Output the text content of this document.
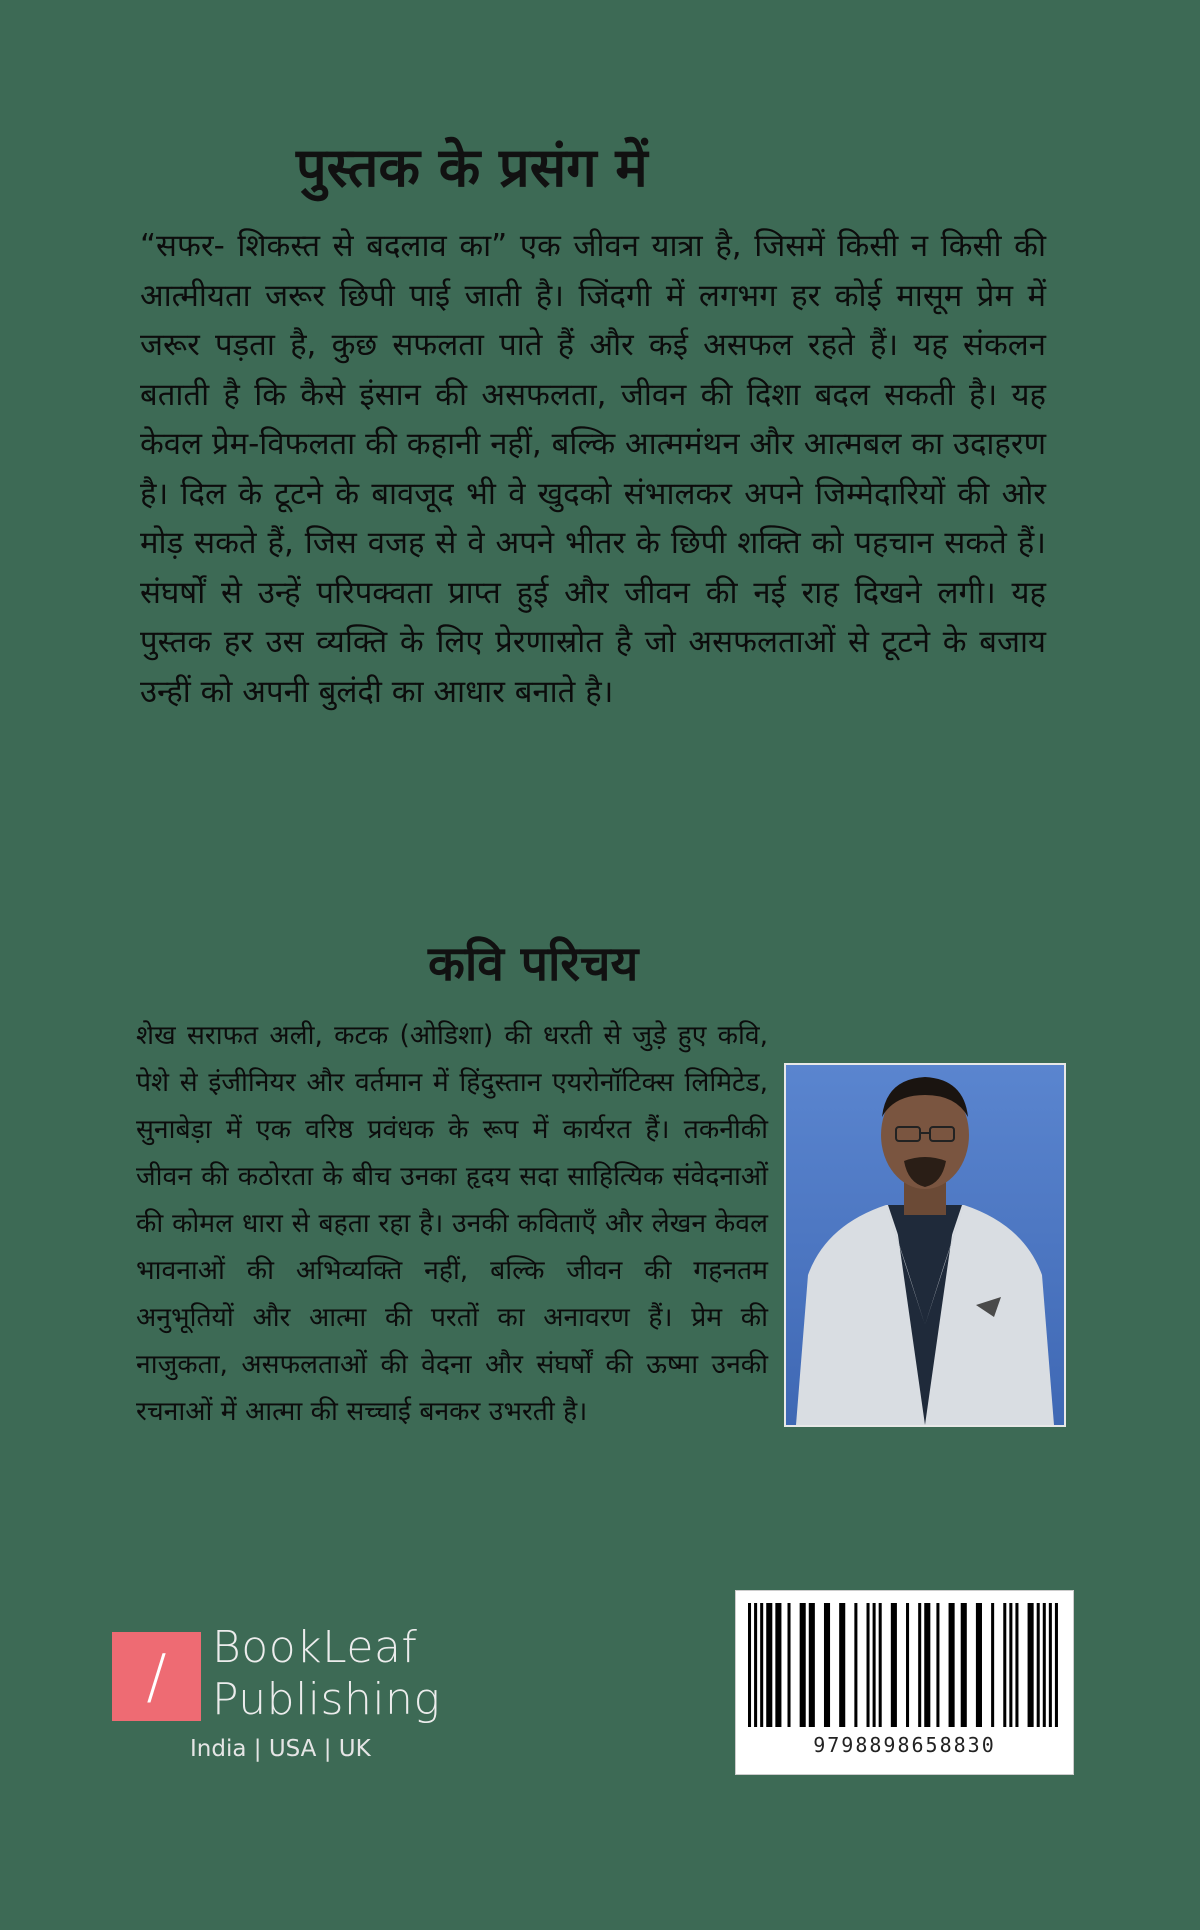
पुस्तक के प्रसंग में

“सफर- शिकस्त से बदलाव का” एक जीवन यात्रा है, जिसमें किसी न किसी की आत्मीयता जरूर छिपी पाई जाती है। जिंदगी में लगभग हर कोई मासूम प्रेम में जरूर पड़ता है, कुछ सफलता पाते हैं और कई असफल रहते हैं। यह संकलन बताती है कि कैसे इंसान की असफलता, जीवन की दिशा बदल सकती है। यह केवल प्रेम-विफलता की कहानी नहीं, बल्कि आत्ममंथन और आत्मबल का उदाहरण है। दिल के टूटने के बावजूद भी वे खुदको संभालकर अपने जिम्मेदारियों की ओर मोड़ सकते हैं, जिस वजह से वे अपने भीतर के छिपी शक्ति को पहचान सकते हैं। संघर्षों से उन्हें परिपक्वता प्राप्त हुई और जीवन की नई राह दिखने लगी। यह पुस्तक हर उस व्यक्ति के लिए प्रेरणास्रोत है जो असफलताओं से टूटने के बजाय उन्हीं को अपनी बुलंदी का आधार बनाते है।

कवि परिचय

शेख सराफत अली, कटक (ओडिशा) की धरती से जुड़े हुए कवि, पेशे से इंजीनियर और वर्तमान में हिंदुस्तान एयरोनॉटिक्स लिमिटेड, सुनाबेड़ा में एक वरिष्ठ प्रवंधक के रूप में कार्यरत हैं। तकनीकी जीवन की कठोरता के बीच उनका हृदय सदा साहित्यिक संवेदनाओं की कोमल धारा से बहता रहा है। उनकी कविताएँ और लेखन केवल भावनाओं की अभिव्यक्ति नहीं, बल्कि जीवन की गहनतम अनुभूतियों और आत्मा की परतों का अनावरण हैं। प्रेम की नाजुकता, असफलताओं की वेदना और संघर्षों की ऊष्मा उनकी रचनाओं में आत्मा की सच्चाई बनकर उभरती है।

/	BookLeaf
Publishing
India | USA | UK	9798898658830
